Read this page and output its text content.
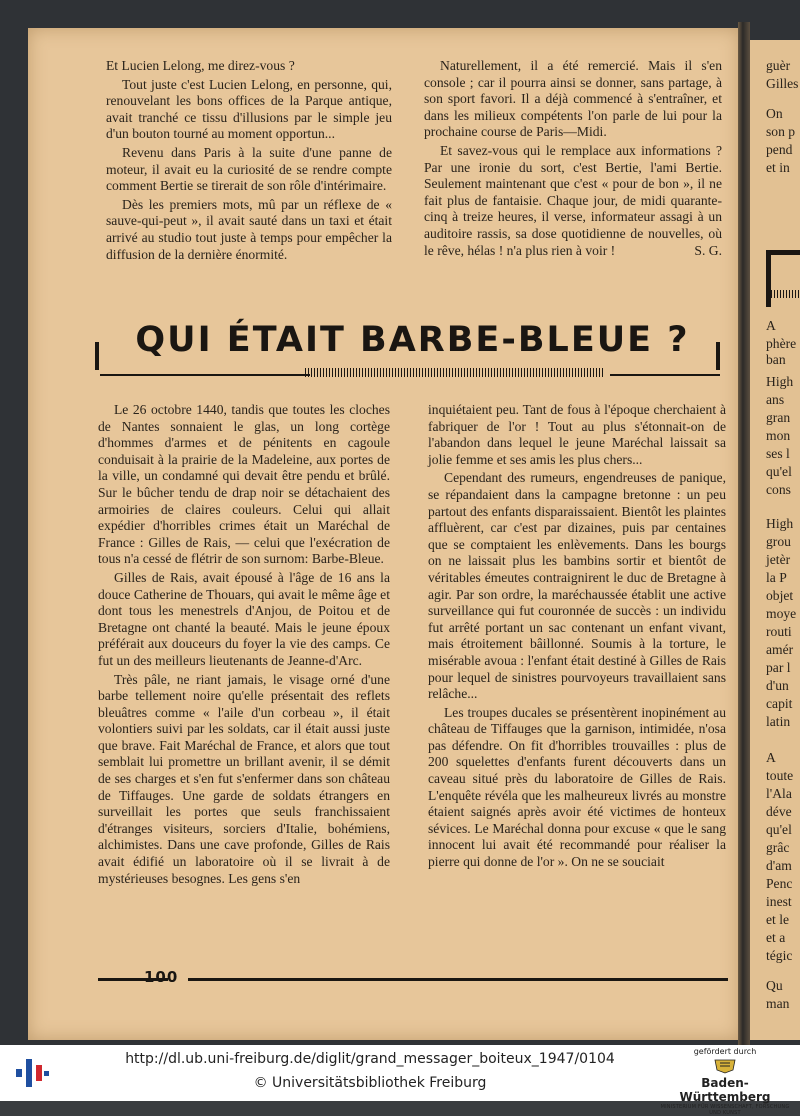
Et Lucien Lelong, me direz-vous ?

Tout juste c'est Lucien Lelong, en personne, qui, renouvelant les bons offices de la Parque antique, avait tranché ce tissu d'illusions par le simple jeu d'un bouton tourné au moment opportun...

Revenu dans Paris à la suite d'une panne de moteur, il avait eu la curiosité de se rendre compte comment Bertie se tirerait de son rôle d'intérimaire.

Dès les premiers mots, mû par un réflexe de « sauve-qui-peut », il avait sauté dans un taxi et était arrivé au studio tout juste à temps pour empêcher la diffusion de la dernière énormité.

Naturellement, il a été remercié. Mais il s'en console ; car il pourra ainsi se donner, sans partage, à son sport favori. Il a déjà commencé à s'entraîner, et dans les milieux compétents l'on parle de lui pour la prochaine course de Paris—Midi.

Et savez-vous qui le remplace aux informations ? Par une ironie du sort, c'est Bertie, l'ami Bertie. Seulement maintenant que c'est « pour de bon », il ne fait plus de fantaisie. Chaque jour, de midi quarante-cinq à treize heures, il verse, informateur assagi à un auditoire rassis, sa dose quotidienne de nouvelles, où le rêve, hélas ! n'a plus rien à voir !	S. G.

QUI ÉTAIT BARBE-BLEUE ?

Le 26 octobre 1440, tandis que toutes les cloches de Nantes sonnaient le glas, un long cortège d'hommes d'armes et de pénitents en cagoule conduisait à la prairie de la Madeleine, aux portes de la ville, un condamné qui devait être pendu et brûlé. Sur le bûcher tendu de drap noir se détachaient des armoiries de claires couleurs. Celui qui allait expédier d'horribles crimes était un Maréchal de France : Gilles de Rais, — celui que l'exécration de tous n'a cessé de flétrir de son surnom: Barbe-Bleue.

Gilles de Rais, avait épousé à l'âge de 16 ans la douce Catherine de Thouars, qui avait le même âge et dont tous les menestrels d'Anjou, de Poitou et de Bretagne ont chanté la beauté. Mais le jeune époux préférait aux douceurs du foyer la vie des camps. Ce fut un des meilleurs lieutenants de Jeanne-d'Arc.

Très pâle, ne riant jamais, le visage orné d'une barbe tellement noire qu'elle présentait des reflets bleuâtres comme « l'aile d'un corbeau », il était volontiers suivi par les soldats, car il était aussi juste que brave. Fait Maréchal de France, et alors que tout semblait lui promettre un brillant avenir, il se démit de ses charges et s'en fut s'enfermer dans son château de Tiffauges. Une garde de soldats étrangers en surveillait les portes que seuls franchissaient d'étranges visiteurs, sorciers d'Italie, bohémiens, alchimistes. Dans une cave profonde, Gilles de Rais avait édifié un laboratoire où il se livrait à de mystérieuses besognes. Les gens s'en

inquiétaient peu. Tant de fous à l'époque cherchaient à fabriquer de l'or ! Tout au plus s'étonnait-on de l'abandon dans lequel le jeune Maréchal laissait sa jolie femme et ses amis les plus chers...

Cependant des rumeurs, engendreuses de panique, se répandaient dans la campagne bretonne : un peu partout des enfants disparaissaient. Bientôt les plaintes affluèrent, car c'est par dizaines, puis par centaines que se comptaient les enlèvements. Dans les bourgs on ne laissait plus les bambins sortir et bientôt de véritables émeutes contraignirent le duc de Bretagne à agir. Par son ordre, la maréchaussée établit une active surveillance qui fut couronnée de succès : un individu fut arrêté portant un sac contenant un enfant vivant, mais étroitement bâillonné. Soumis à la torture, le misérable avoua : l'enfant était destiné à Gilles de Rais pour lequel de sinistres pourvoyeurs travaillaient sans relâche...

Les troupes ducales se présentèrent inopinément au château de Tiffauges que la garnison, intimidée, n'osa pas défendre. On fit d'horribles trouvailles : plus de 200 squelettes d'enfants furent découverts dans un caveau situé près du laboratoire de Gilles de Rais. L'enquête révéla que les malheureux livrés au monstre étaient saignés après avoir été victimes de honteux sévices. Le Maréchal donna pour excuse « que le sang innocent lui avait été recommandé pour réaliser la pierre qui donne de l'or ». On ne se souciait

100
guèr
Gilles
On
son p
pend
et in
A
phère
ban
High
ans
gran
mon
ses l
qu'el
cons
High
grou
jetèr
la P
objet
moye
routi
amér
par l
d'un
capit
latin
A
toute
l'Ala
déve
qu'el
grâc
d'am
Penc
inest
et le
et a
tégic
Qu
man
http://dl.ub.uni-freiburg.de/diglit/grand_messager_boiteux_1947/0104
© Universitätsbibliothek Freiburg
gefördert durch
Baden-Württemberg
MINISTERIUM FÜR WISSENSCHAFT, FORSCHUNG UND KUNST
